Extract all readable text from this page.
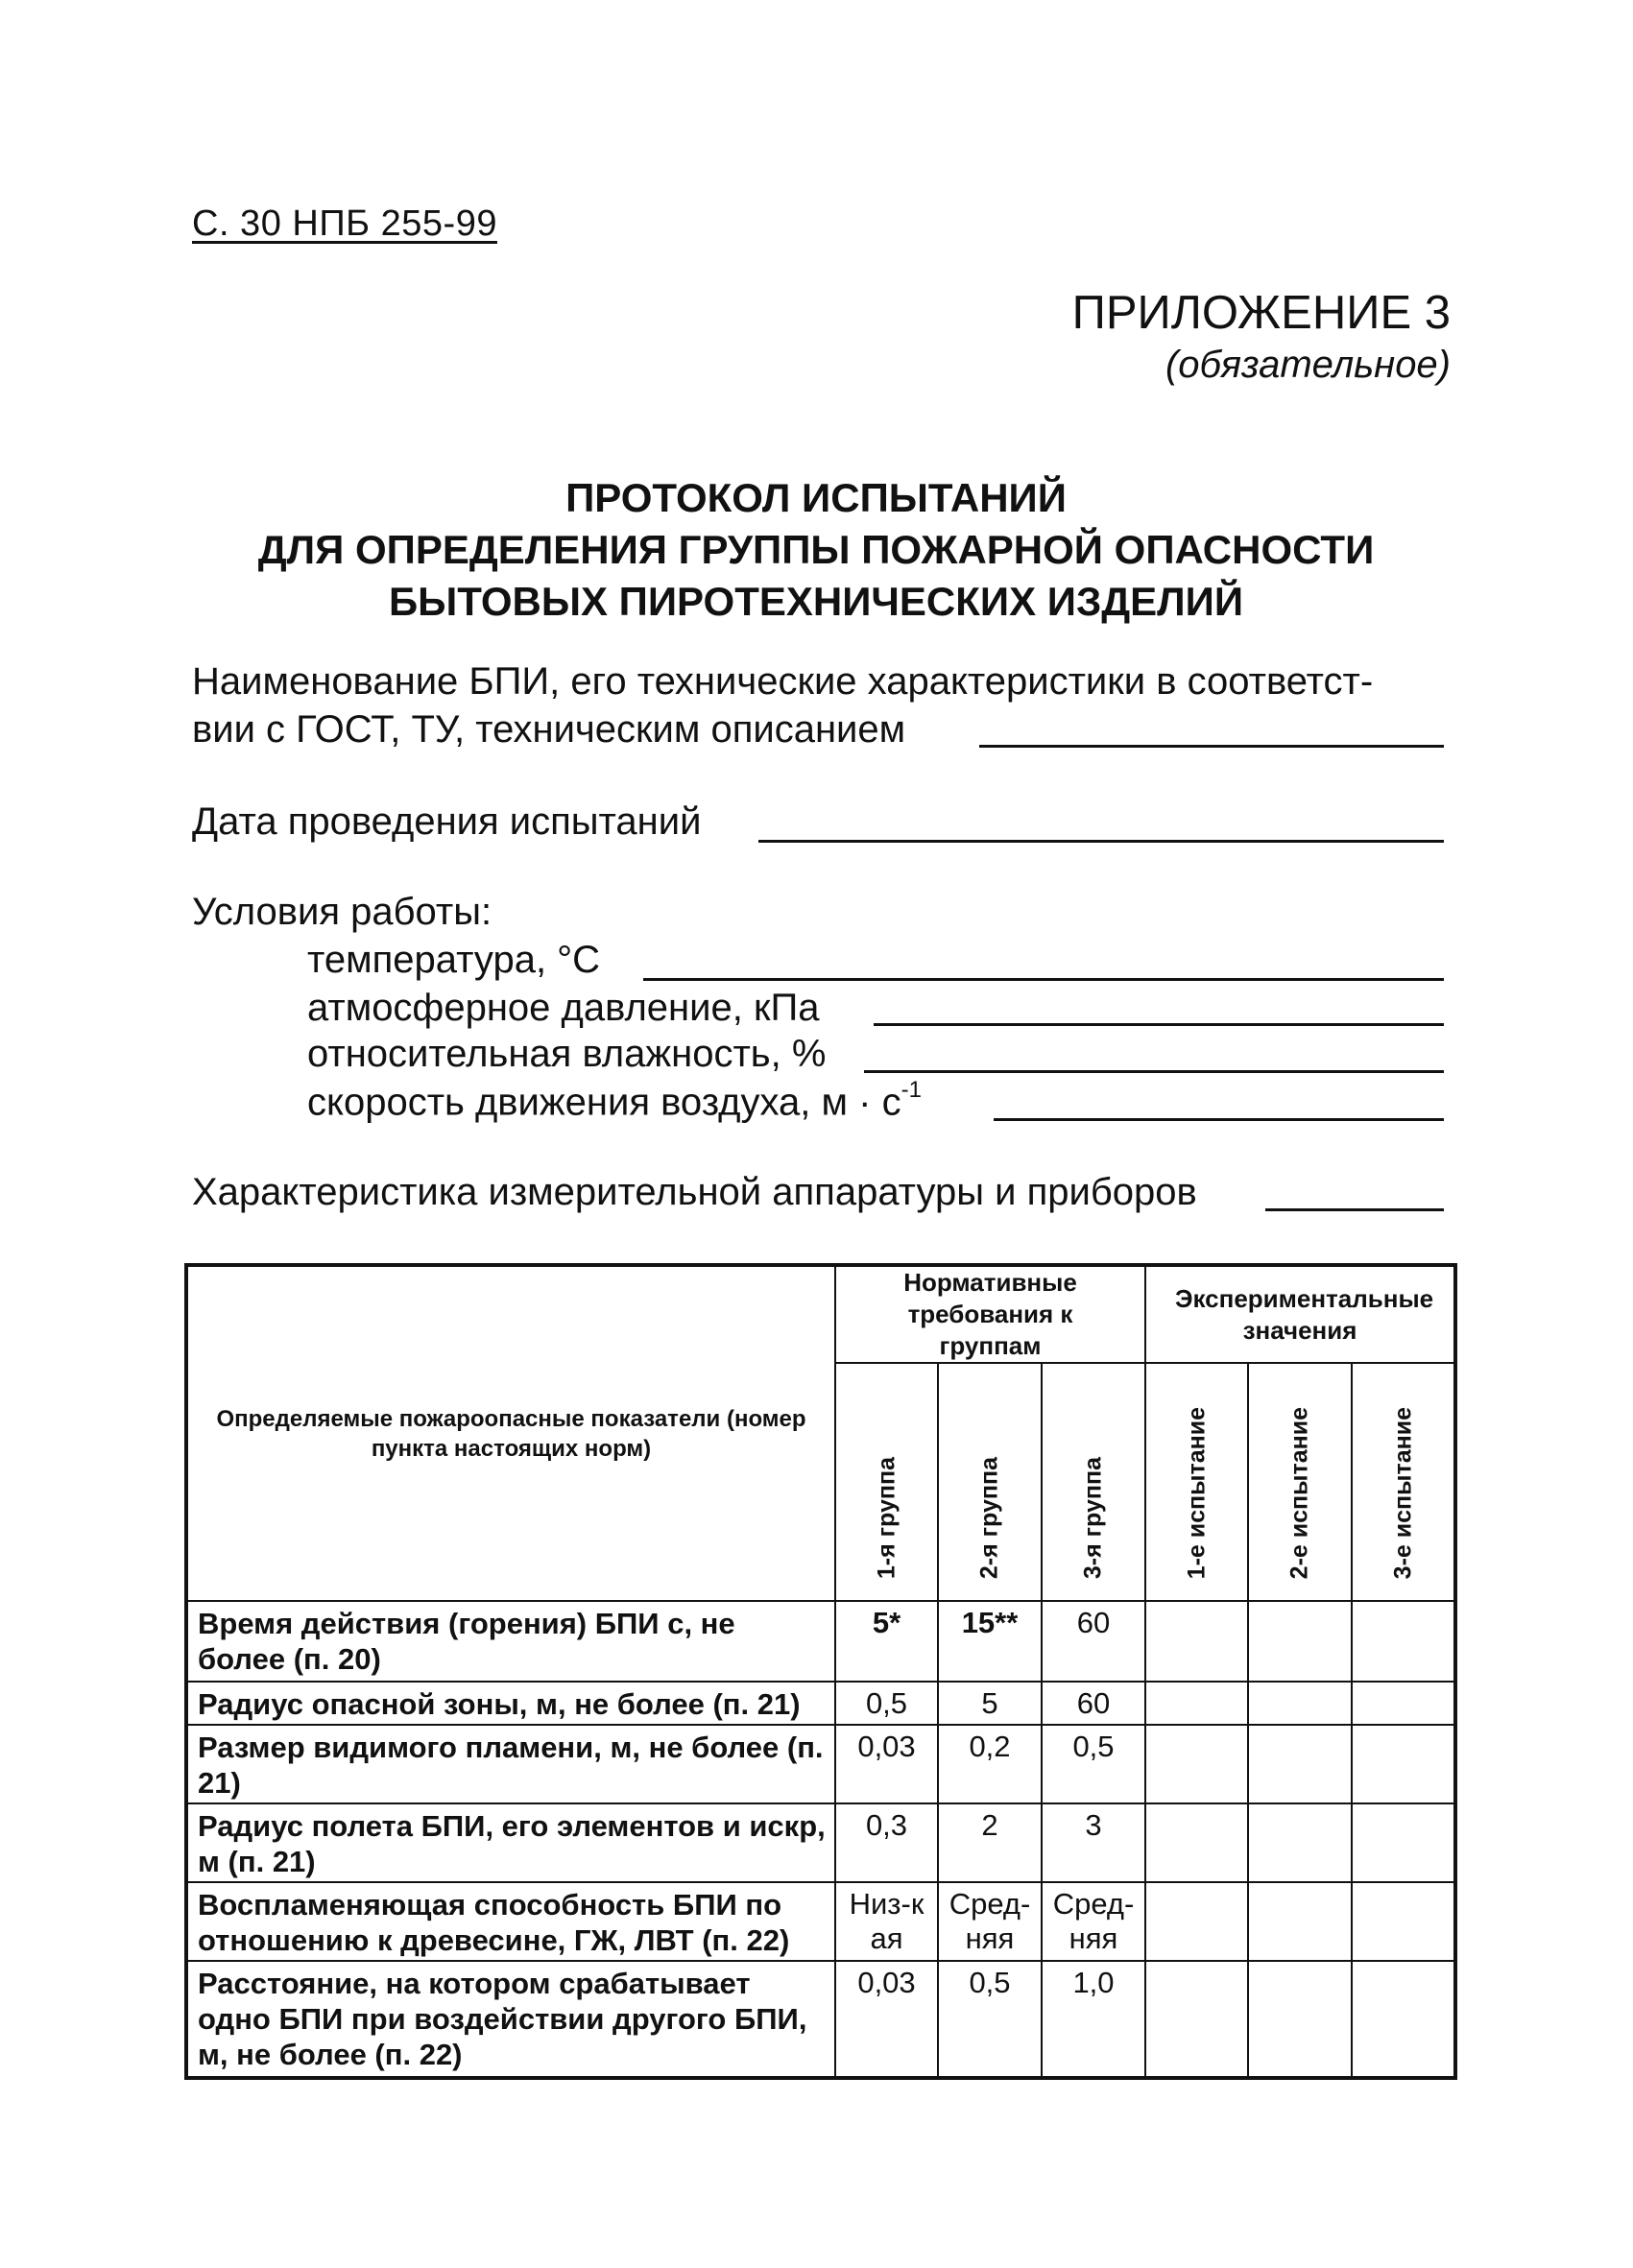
С. 30 НПБ 255-99
ПРИЛОЖЕНИЕ 3
(обязательное)
ПРОТОКОЛ ИСПЫТАНИЙ
ДЛЯ ОПРЕДЕЛЕНИЯ ГРУППЫ ПОЖАРНОЙ ОПАСНОСТИ
БЫТОВЫХ ПИРОТЕХНИЧЕСКИХ ИЗДЕЛИЙ
Наименование БПИ, его технические характеристики в соответст-
вии с ГОСТ, ТУ, техническим описанием
Дата проведения испытаний
Условия работы:
температура, °С
атмосферное давление, кПа
относительная влажность, %
скорость движения воздуха, $м \cdot с^{-1}$
Характеристика измерительной аппаратуры и приборов
Определяемые пожароопасные показатели (номер пункта настоящих норм)	Нормативные требования к группам			Экспериментальные значения		

	1-я группа	2-я группа	3-я группа	1-е испытание	2-е испытание	3-е испытание

Время действия (горения) БПИ с, не более (п. 20)	5*	15**	60			
Радиус опасной зоны, м, не более (п. 21)	0,5	5	60			
Размер видимого пламени, м, не более (п. 21)	0,03	0,2	0,5			
Радиус полета БПИ, его элементов и искр, м (п. 21)	0,3	2	3			
Воспламеняющая способность БПИ по отношению к древесине, ГЖ, ЛВТ (п. 22)	Низ-кая	Сред-няя	Сред-няя			
Расстояние, на котором срабатывает одно БПИ при воздействии другого БПИ, м, не более (п. 22)	0,03	0,5	1,0			
